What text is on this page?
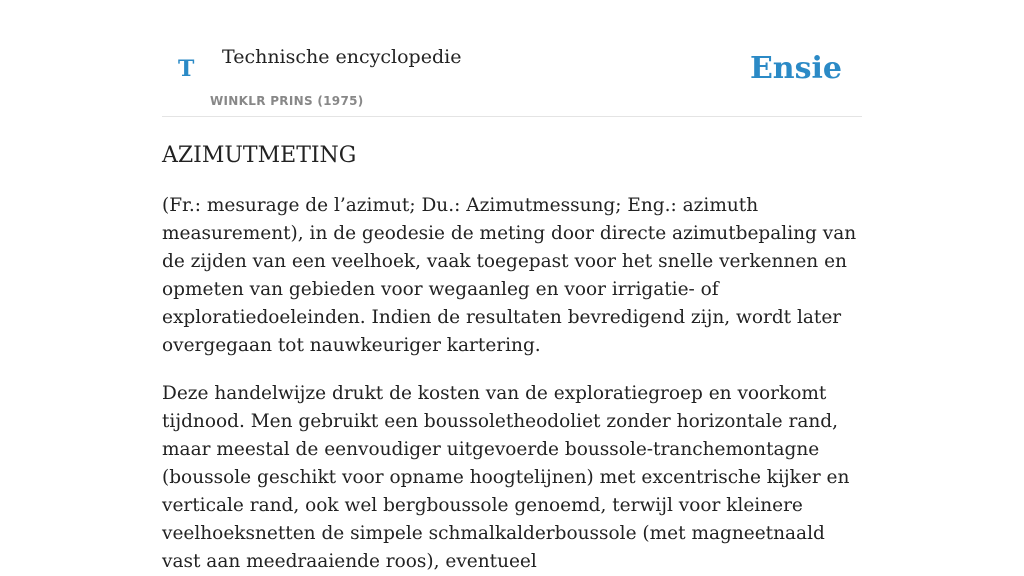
T Technische encyclopedie
WINKLR PRINS (1975)
Ensie
AZIMUTMETING

(Fr.: mesurage de l’azimut; Du.: Azimutmessung; Eng.: azimuth measurement), in de geodesie de meting door directe azimutbepaling van de zijden van een veelhoek, vaak toegepast voor het snelle verkennen en opmeten van gebieden voor wegaanleg en voor irrigatie- of exploratiedoeleinden. Indien de resultaten bevredigend zijn, wordt later overgegaan tot nauwkeuriger kartering.

Deze handelwijze drukt de kosten van de exploratiegroep en voorkomt tijdnood. Men gebruikt een boussoletheodoliet zonder horizontale rand, maar meestal de eenvoudiger uitgevoerde boussole-tranchemontagne (boussole geschikt voor opname hoogtelijnen) met excentrische kijker en verticale rand, ook wel bergboussole genoemd, terwijl voor kleinere veelhoeksnetten de simpele schmalkalderboussole (met magneetnaald vast aan meedraaiende roos), eventueel
